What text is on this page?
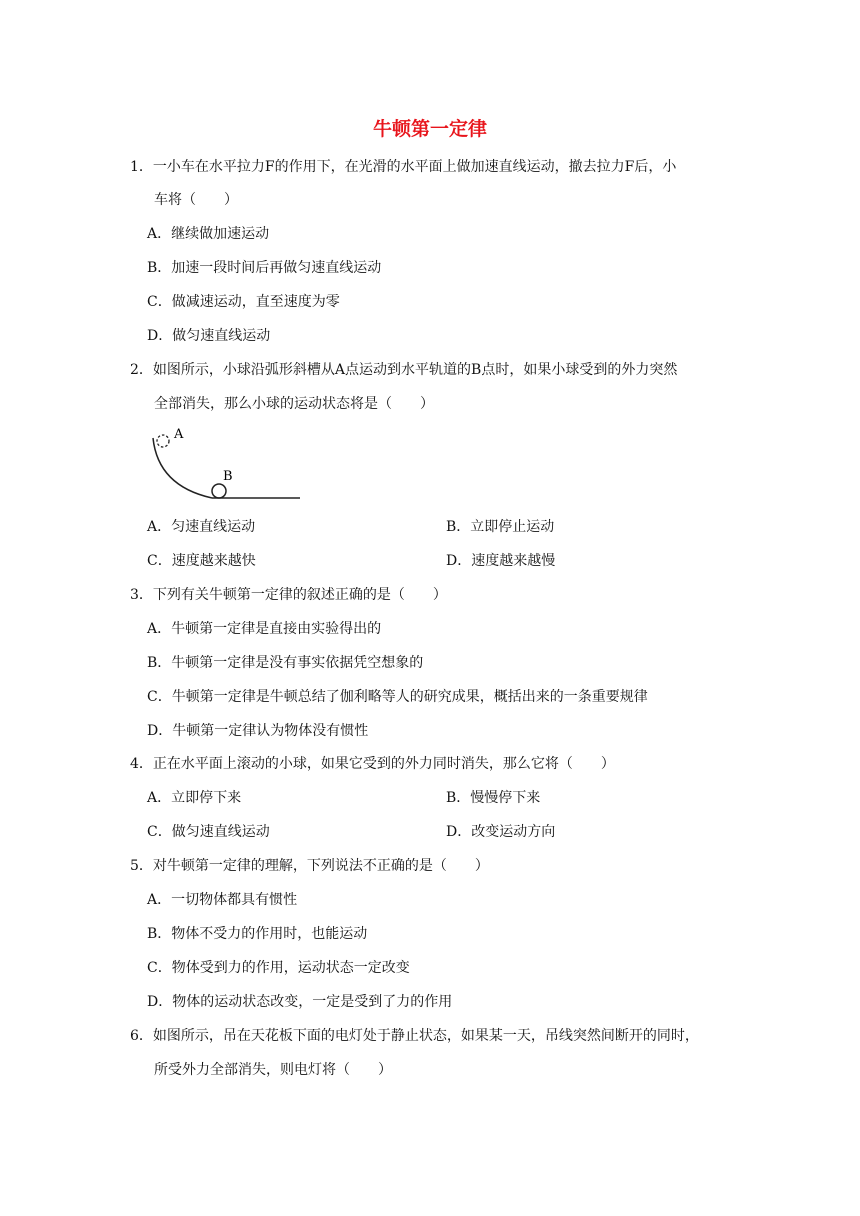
牛顿第一定律
1．一小车在水平拉力F的作用下，在光滑的水平面上做加速直线运动，撤去拉力F后，小
车将（　　）
A．继续做加速运动
B．加速一段时间后再做匀速直线运动
C．做减速运动，直至速度为零
D．做匀速直线运动
2．如图所示，小球沿弧形斜槽从A点运动到水平轨道的B点时，如果小球受到的外力突然
全部消失，那么小球的运动状态将是（　　）
A
B
A．匀速直线运动	B．立即停止运动
C．速度越来越快	D．速度越来越慢
3．下列有关牛顿第一定律的叙述正确的是（　　）
A．牛顿第一定律是直接由实验得出的
B．牛顿第一定律是没有事实依据凭空想象的
C．牛顿第一定律是牛顿总结了伽利略等人的研究成果，概括出来的一条重要规律
D．牛顿第一定律认为物体没有惯性
4．正在水平面上滚动的小球，如果它受到的外力同时消失，那么它将（　　）
A．立即停下来	B．慢慢停下来
C．做匀速直线运动	D．改变运动方向
5．对牛顿第一定律的理解，下列说法不正确的是（　　）
A．一切物体都具有惯性
B．物体不受力的作用时，也能运动
C．物体受到力的作用，运动状态一定改变
D．物体的运动状态改变，一定是受到了力的作用
6．如图所示，吊在天花板下面的电灯处于静止状态，如果某一天，吊线突然间断开的同时，
所受外力全部消失，则电灯将（　　）
